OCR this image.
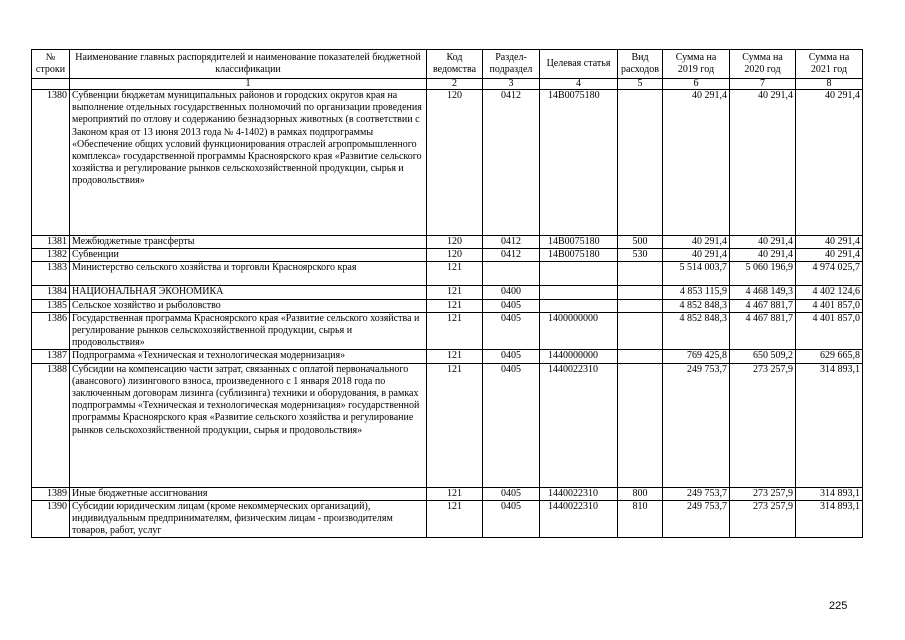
№ строки	Наименование главных распорядителей и наименование показателей бюджетной классификации	Код ведомства	Раздел-подраздел	Целевая статья	Вид расходов	Сумма на 2019 год	Сумма на 2020 год	Сумма на 2021 год
	1	2	3	4	5	6	7	8
1380	Субвенции бюджетам муниципальных районов и городских округов края на выполнение отдельных государственных полномочий по организации проведения мероприятий по отлову и содержанию безнадзорных животных (в соответствии с Законом края от 13 июня 2013 года № 4-1402) в рамках подпрограммы «Обеспечение общих условий функционирования отраслей агропромышленного комплекса» государственной программы Красноярского края «Развитие сельского хозяйства и регулирование рынков сельскохозяйственной продукции, сырья и продовольствия»	120	0412	14В0075180		40 291,4	40 291,4	40 291,4
1381	Межбюджетные трансферты	120	0412	14В0075180	500	40 291,4	40 291,4	40 291,4
1382	Субвенции	120	0412	14В0075180	530	40 291,4	40 291,4	40 291,4
1383	Министерство сельского хозяйства и торговли Красноярского края	121				5 514 003,7	5 060 196,9	4 974 025,7
1384	НАЦИОНАЛЬНАЯ ЭКОНОМИКА	121	0400			4 853 115,9	4 468 149,3	4 402 124,6
1385	Сельское хозяйство и рыболовство	121	0405			4 852 848,3	4 467 881,7	4 401 857,0
1386	Государственная программа Красноярского края «Развитие сельского хозяйства и регулирование рынков сельскохозяйственной продукции, сырья и продовольствия»	121	0405	1400000000		4 852 848,3	4 467 881,7	4 401 857,0
1387	Подпрограмма «Техническая и технологическая модернизация»	121	0405	1440000000		769 425,8	650 509,2	629 665,8
1388	Субсидии на компенсацию части затрат, связанных с оплатой первоначального (авансового) лизингового взноса, произведенного с 1 января 2018 года по заключенным договорам лизинга (сублизинга) техники и оборудования, в рамках подпрограммы «Техническая и технологическая модернизация» государственной программы Красноярского края «Развитие сельского хозяйства и регулирование рынков сельскохозяйственной продукции, сырья и продовольствия»	121	0405	1440022310		249 753,7	273 257,9	314 893,1
1389	Иные бюджетные ассигнования	121	0405	1440022310	800	249 753,7	273 257,9	314 893,1
1390	Субсидии юридическим лицам (кроме некоммерческих организаций), индивидуальным предпринимателям, физическим лицам - производителям товаров, работ, услуг	121	0405	1440022310	810	249 753,7	273 257,9	314 893,1
225
